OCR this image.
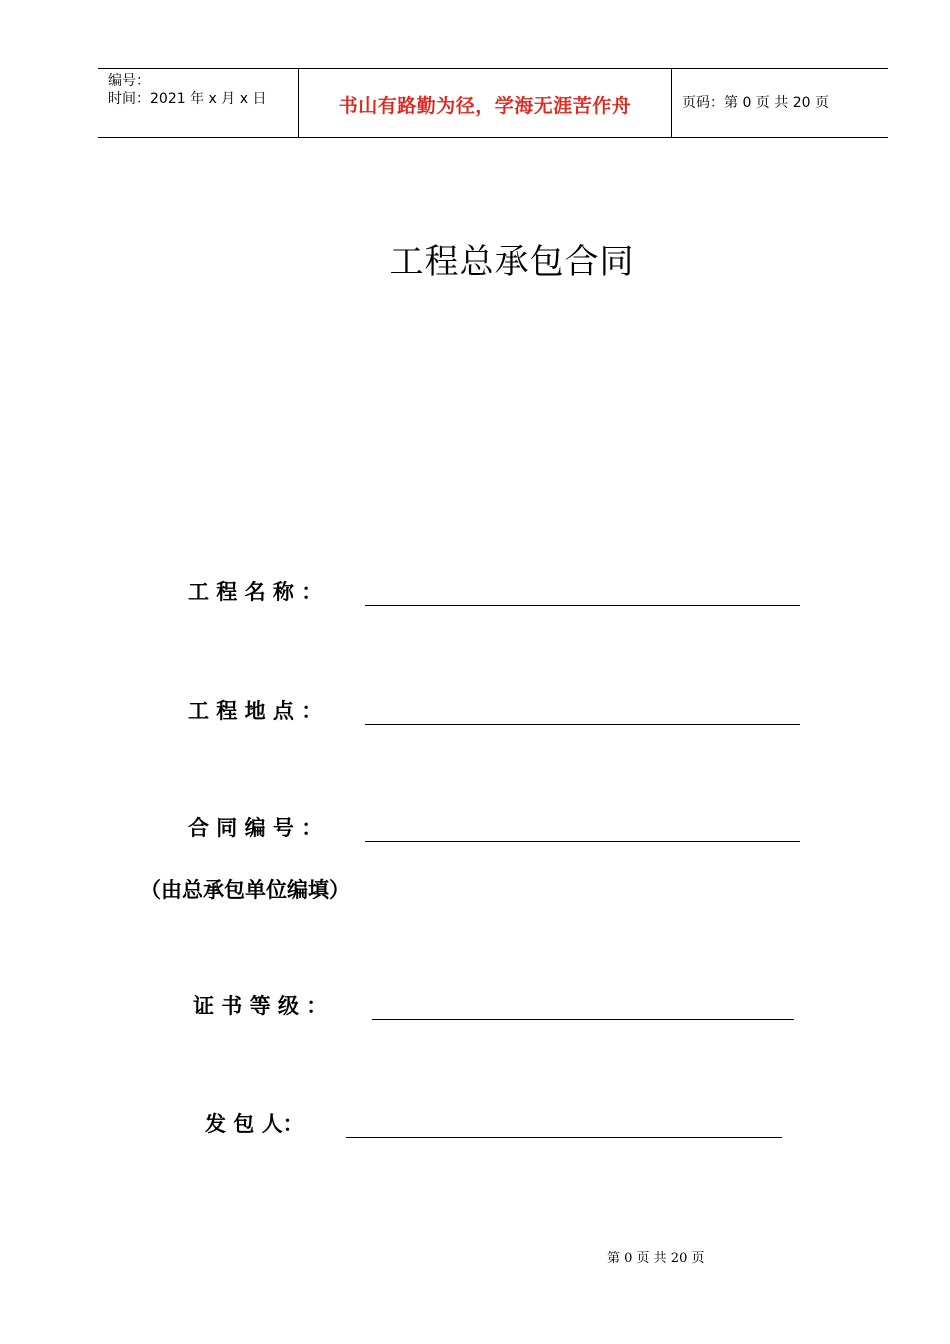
编号：
时间：2021 年 x 月 x 日	书山有路勤为径，学海无涯苦作舟	页码：第 0 页 共 20 页
工程总承包合同
工 程 名 称 ：
工 程 地 点 ：
合 同 编 号 ：
（由总承包单位编填）
证 书 等 级 ：
发 包 人：
第 0 页 共 20 页
